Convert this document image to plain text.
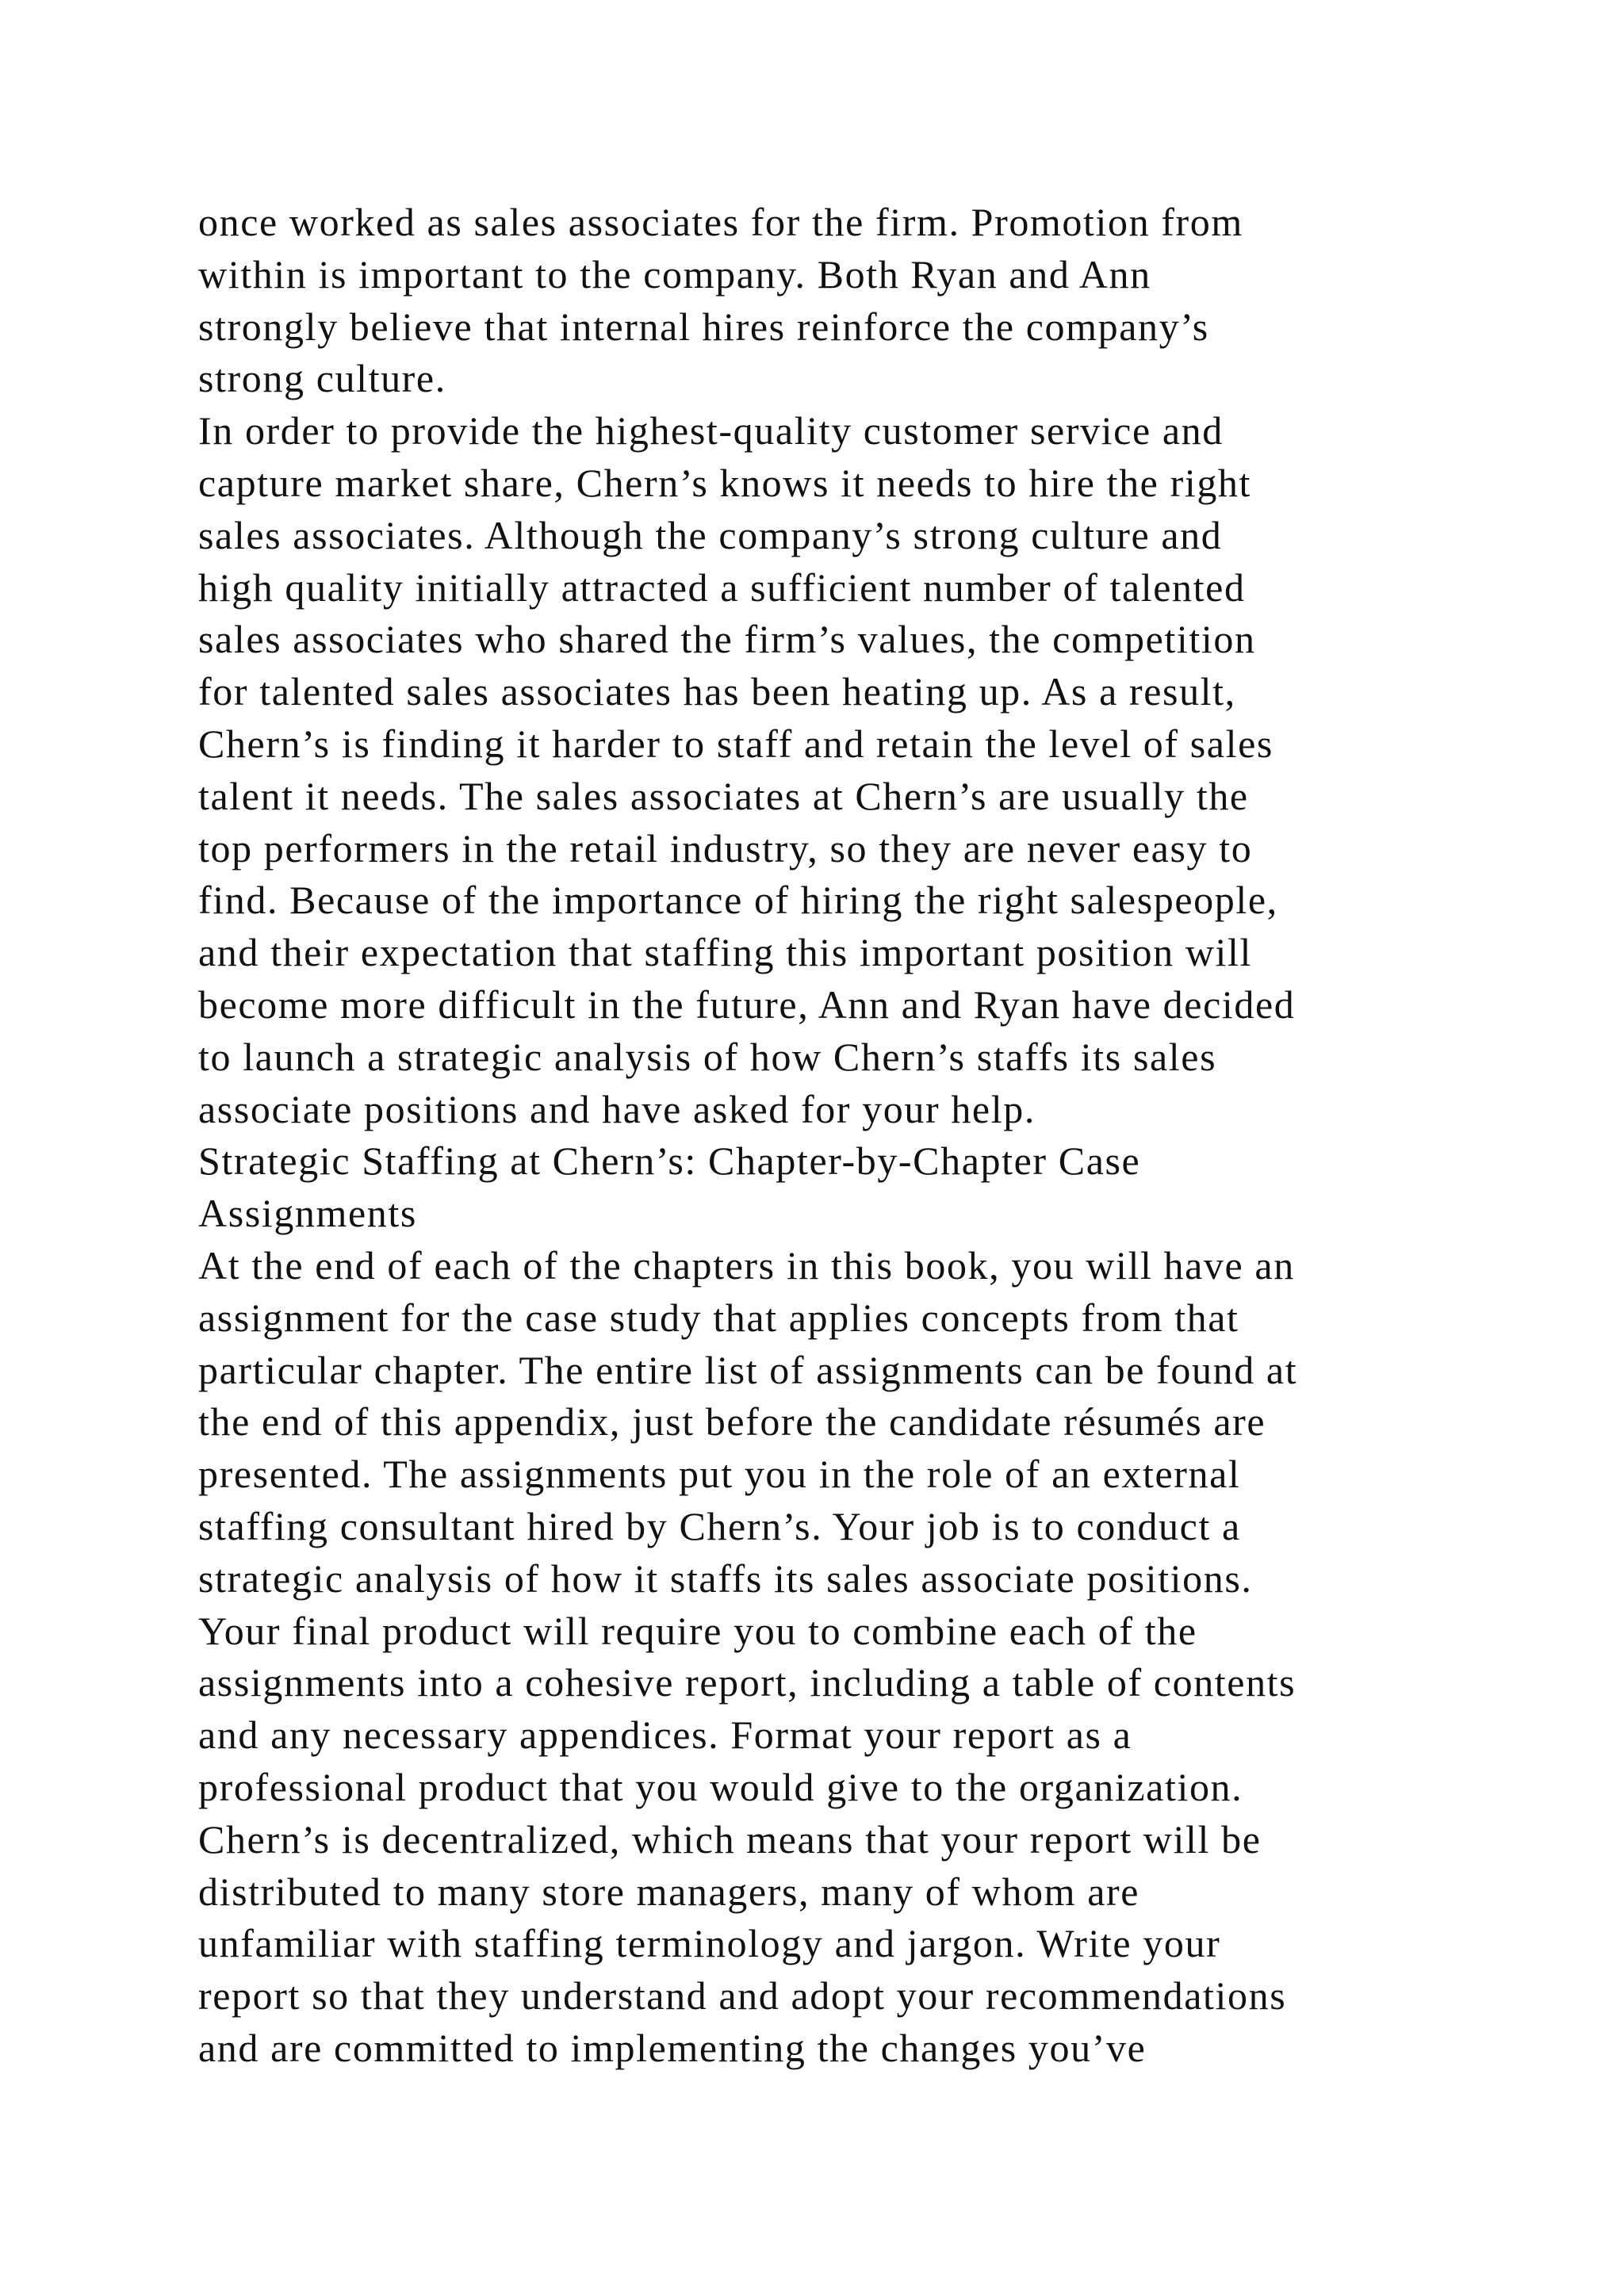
once worked as sales associates for the firm. Promotion from
within is important to the company. Both Ryan and Ann
strongly believe that internal hires reinforce the company’s
strong culture.
In order to provide the highest-quality customer service and
capture market share, Chern’s knows it needs to hire the right
sales associates. Although the company’s strong culture and
high quality initially attracted a sufficient number of talented
sales associates who shared the firm’s values, the competition
for talented sales associates has been heating up. As a result,
Chern’s is finding it harder to staff and retain the level of sales
talent it needs. The sales associates at Chern’s are usually the
top performers in the retail industry, so they are never easy to
find. Because of the importance of hiring the right salespeople,
and their expectation that staffing this important position will
become more difficult in the future, Ann and Ryan have decided
to launch a strategic analysis of how Chern’s staffs its sales
associate positions and have asked for your help.
Strategic Staffing at Chern’s: Chapter-by-Chapter Case
Assignments
At the end of each of the chapters in this book, you will have an
assignment for the case study that applies concepts from that
particular chapter. The entire list of assignments can be found at
the end of this appendix, just before the candidate résumés are
presented. The assignments put you in the role of an external
staffing consultant hired by Chern’s. Your job is to conduct a
strategic analysis of how it staffs its sales associate positions.
Your final product will require you to combine each of the
assignments into a cohesive report, including a table of contents
and any necessary appendices. Format your report as a
professional product that you would give to the organization.
Chern’s is decentralized, which means that your report will be
distributed to many store managers, many of whom are
unfamiliar with staffing terminology and jargon. Write your
report so that they understand and adopt your recommendations
and are committed to implementing the changes you’ve
